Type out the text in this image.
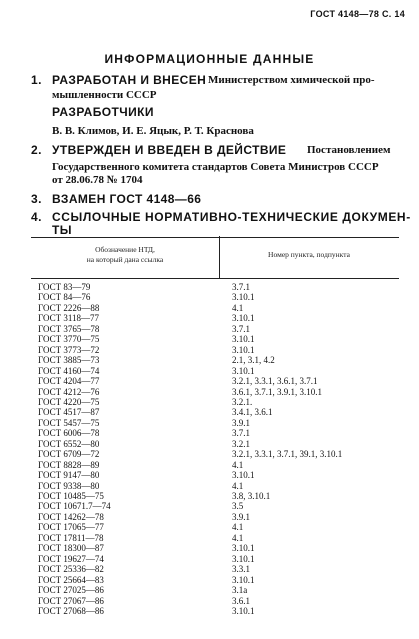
ГОСТ 4148—78 С. 14
ИНФОРМАЦИОННЫЕ ДАННЫЕ
1. РАЗРАБОТАН И ВНЕСЕН Министерством химической про-
мышленности СССР
РАЗРАБОТЧИКИ
В. В. Климов, И. Е. Яцык, Р. Т. Краснова
2. УТВЕРЖДЕН И ВВЕДЕН В ДЕЙСТВИЕ Постановлением
Государственного комитета стандартов Совета Министров СССР
от 28.06.78 № 1704
3. ВЗАМЕН ГОСТ 4148—66
4. ССЫЛОЧНЫЕ НОРМАТИВНО-ТЕХНИЧЕСКИЕ ДОКУМЕН-
ТЫ
Обозначение НТД,
на который дана ссылка
Номер пункта, подпункта
ГОСТ 83—79	3.7.1
ГОСТ 84—76	3.10.1
ГОСТ 2226—88	4.1
ГОСТ 3118—77	3.10.1
ГОСТ 3765—78	3.7.1
ГОСТ 3770—75	3.10.1
ГОСТ 3773—72	3.10.1
ГОСТ 3885—73	2.1, 3.1, 4.2
ГОСТ 4160—74	3.10.1
ГОСТ 4204—77	3.2.1, 3.3.1, 3.6.1, 3.7.1
ГОСТ 4212—76	3.6.1, 3.7.1, 3.9.1, 3.10.1
ГОСТ 4220—75	3.2.1.
ГОСТ 4517—87	3.4.1, 3.6.1
ГОСТ 5457—75	3.9.1
ГОСТ 6006—78	3.7.1
ГОСТ 6552—80	3.2.1
ГОСТ 6709—72	3.2.1, 3.3.1, 3.7.1, 39.1, 3.10.1
ГОСТ 8828—89	4.1
ГОСТ 9147—80	3.10.1
ГОСТ 9338—80	4.1
ГОСТ 10485—75	3.8, 3.10.1
ГОСТ 10671.7—74	3.5
ГОСТ 14262—78	3.9.1
ГОСТ 17065—77	4.1
ГОСТ 17811—78	4.1
ГОСТ 18300—87	3.10.1
ГОСТ 19627—74	3.10.1
ГОСТ 25336—82	3.3.1
ГОСТ 25664—83	3.10.1
ГОСТ 27025—86	3.1а
ГОСТ 27067—86	3.6.1
ГОСТ 27068—86	3.10.1
